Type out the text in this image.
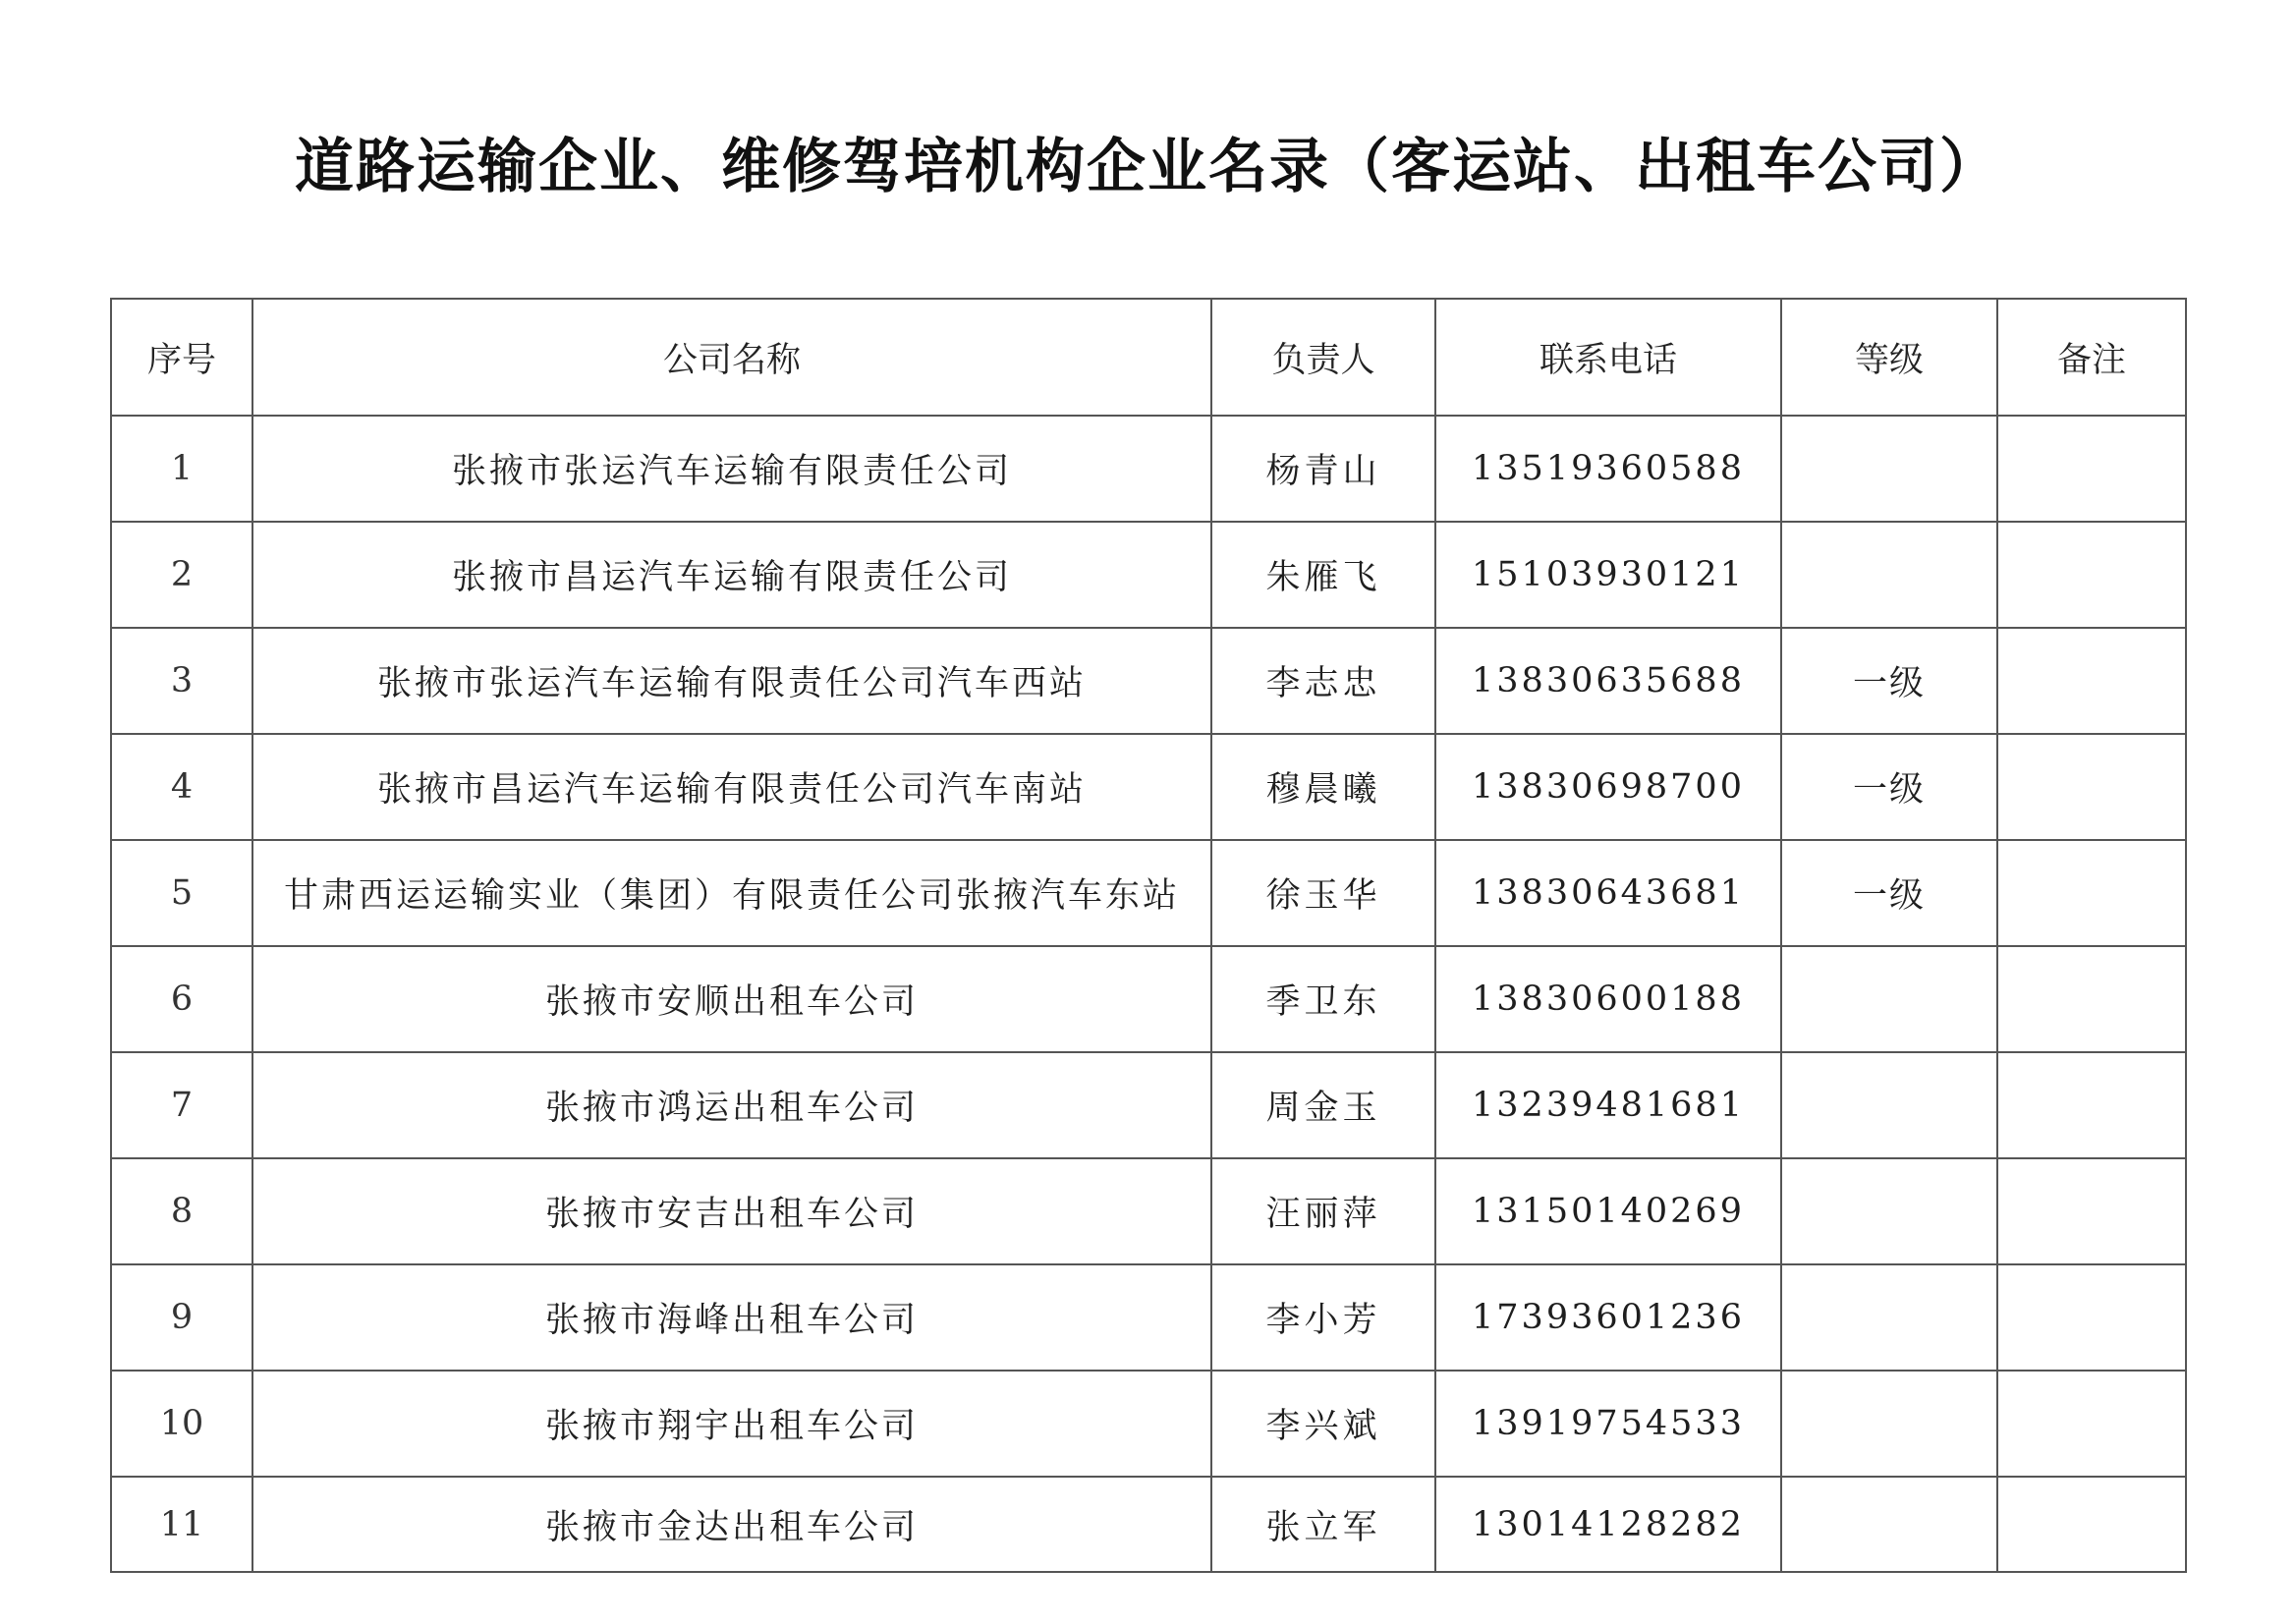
道路运输企业、维修驾培机构企业名录（客运站、出租车公司）
序号	公司名称	负责人	联系电话	等级	备注
1	张掖市张运汽车运输有限责任公司	杨青山	13519360588		
2	张掖市昌运汽车运输有限责任公司	朱雁飞	15103930121		
3	张掖市张运汽车运输有限责任公司汽车西站	李志忠	13830635688	一级	
4	张掖市昌运汽车运输有限责任公司汽车南站	穆晨曦	13830698700	一级	
5	甘肃西运运输实业（集团）有限责任公司张掖汽车东站	徐玉华	13830643681	一级	
6	张掖市安顺出租车公司	季卫东	13830600188		
7	张掖市鸿运出租车公司	周金玉	13239481681		
8	张掖市安吉出租车公司	汪丽萍	13150140269		
9	张掖市海峰出租车公司	李小芳	17393601236		
10	张掖市翔宇出租车公司	李兴斌	13919754533		
11	张掖市金达出租车公司	张立军	13014128282		
